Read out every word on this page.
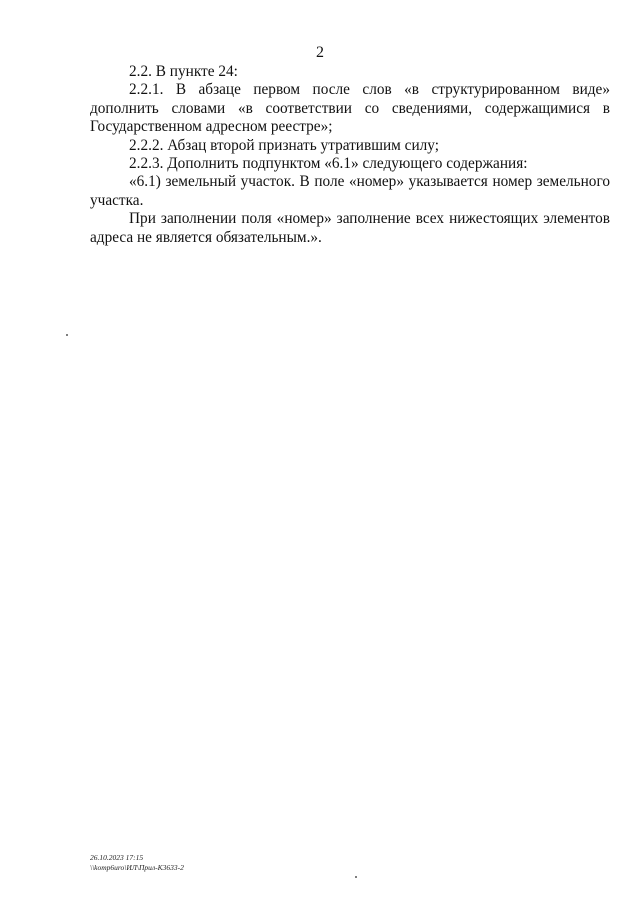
2

2.2. В пункте 24:

2.2.1. В абзаце первом после слов «в структурированном виде» дополнить словами «в соответствии со сведениями, содержащимися в Государственном адресном реестре»;

2.2.2. Абзац второй признать утратившим силу;

2.2.3. Дополнить подпунктом «6.1» следующего содержания:

«6.1) земельный участок. В поле «номер» указывается номер земельного участка.

При заполнении поля «номер» заполнение всех нижестоящих элементов адреса не является обязательным.».

26.10.2023 17:15
\\komp6uro\ИЛ\Прил-К3633-2
